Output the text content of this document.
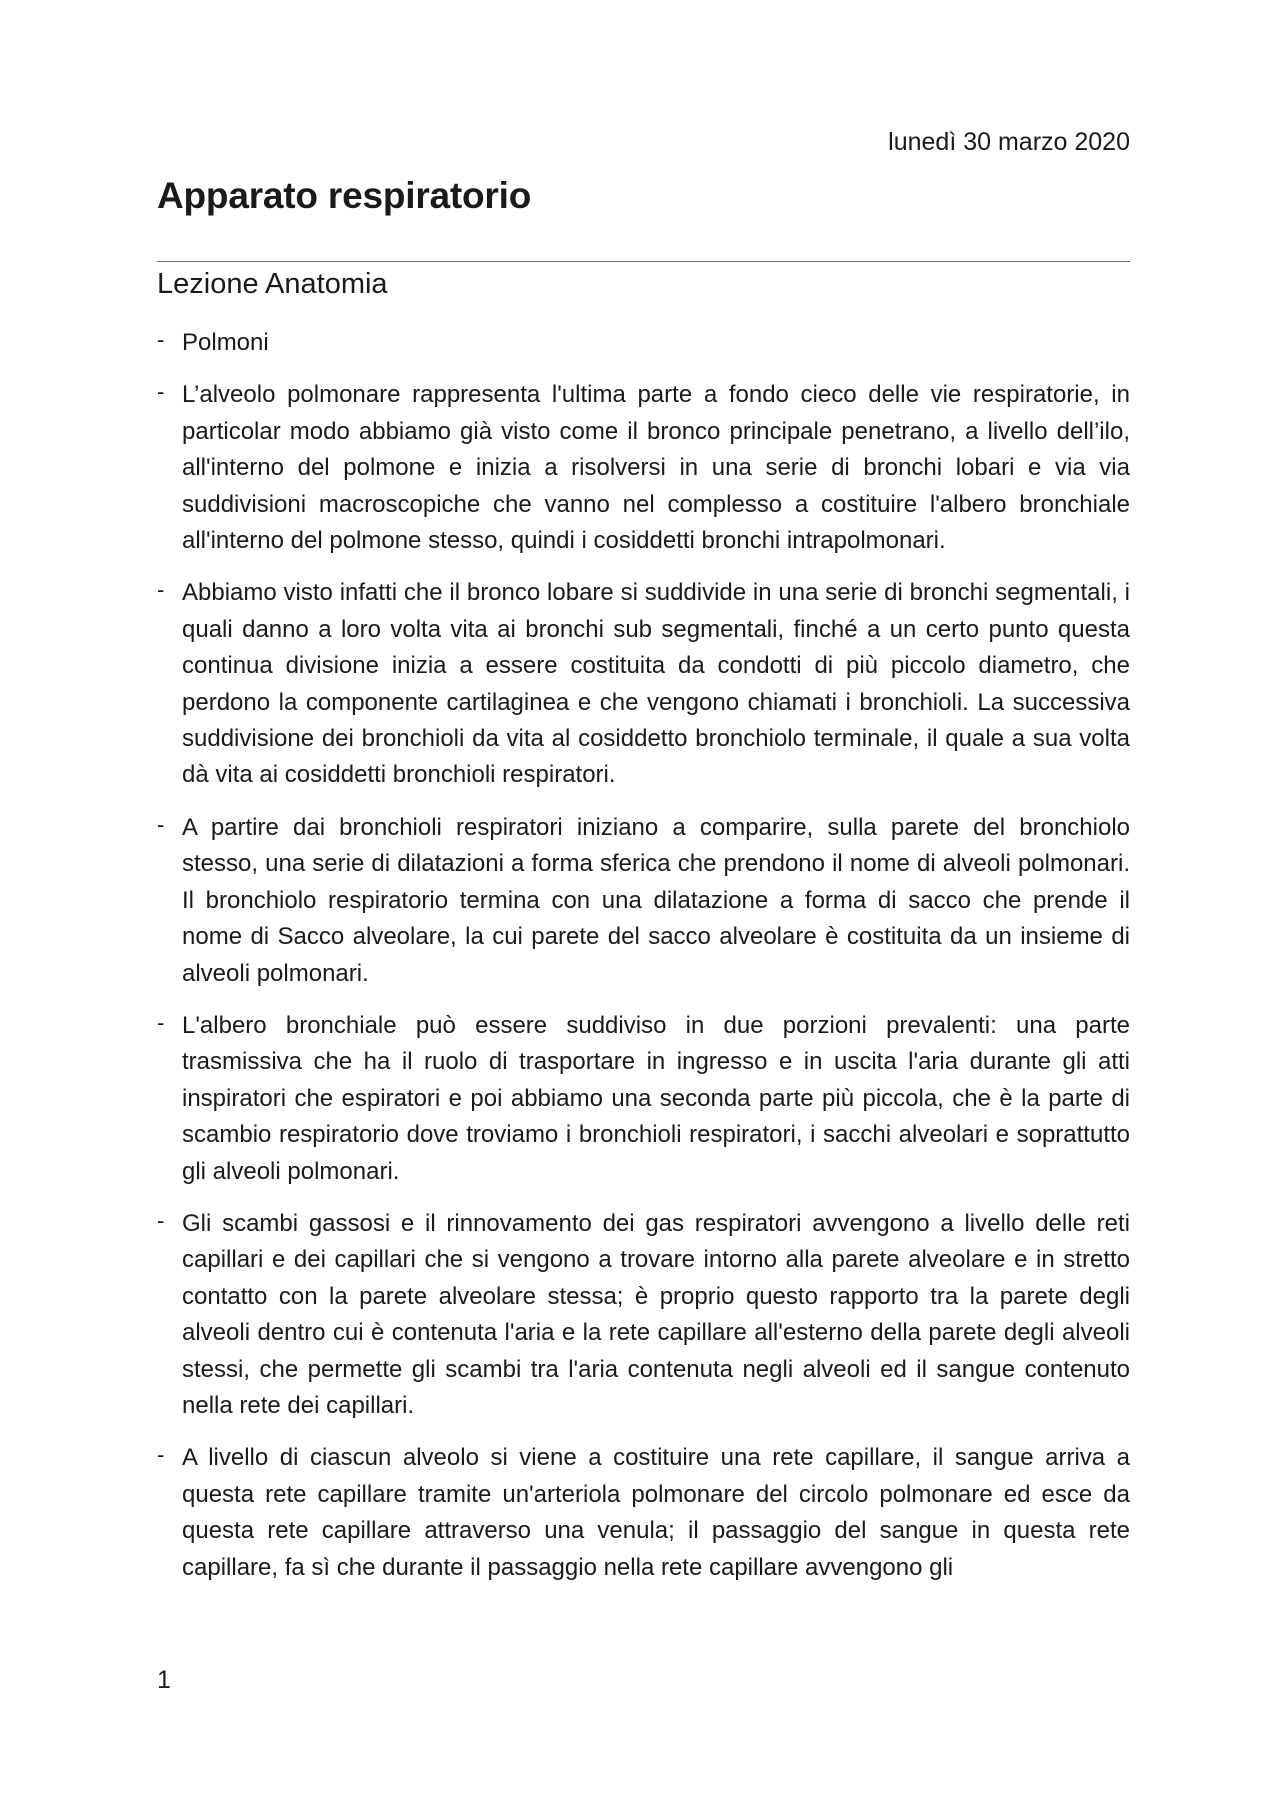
lunedì 30 marzo 2020
Apparato respiratorio
Lezione Anatomia
- Polmoni
- L’alveolo polmonare rappresenta l'ultima parte a fondo cieco delle vie respiratorie, in particolar modo abbiamo già visto come il bronco principale penetrano, a livello dell’ilo, all'interno del polmone e inizia a risolversi in una serie di bronchi lobari e via via suddivisioni macroscopiche che vanno nel complesso a costituire l'albero bronchiale all'interno del polmone stesso, quindi i cosiddetti bronchi intrapolmonari.
- Abbiamo visto infatti che il bronco lobare si suddivide in una serie di bronchi segmentali, i quali danno a loro volta vita ai bronchi sub segmentali, finché a un certo punto questa continua divisione inizia a essere costituita da condotti di più piccolo diametro, che perdono la componente cartilaginea e che vengono chiamati i bronchioli. La successiva suddivisione dei bronchioli da vita al cosiddetto bronchiolo terminale, il quale a sua volta dà vita ai cosiddetti bronchioli respiratori.
- A partire dai bronchioli respiratori iniziano a comparire, sulla parete del bronchiolo stesso, una serie di dilatazioni a forma sferica che prendono il nome di alveoli polmonari. Il bronchiolo respiratorio termina con una dilatazione a forma di sacco che prende il nome di Sacco alveolare, la cui parete del sacco alveolare è costituita da un insieme di alveoli polmonari.
- L'albero bronchiale può essere suddiviso in due porzioni prevalenti: una parte trasmissiva che ha il ruolo di trasportare in ingresso e in uscita l'aria durante gli atti inspiratori che espiratori e poi abbiamo una seconda parte più piccola, che è la parte di scambio respiratorio dove troviamo i bronchioli respiratori, i sacchi alveolari e soprattutto gli alveoli polmonari.
- Gli scambi gassosi e il rinnovamento dei gas respiratori avvengono a livello delle reti capillari e dei capillari che si vengono a trovare intorno alla parete alveolare e in stretto contatto con la parete alveolare stessa; è proprio questo rapporto tra la parete degli alveoli dentro cui è contenuta l'aria e la rete capillare all'esterno della parete degli alveoli stessi, che permette gli scambi tra l'aria contenuta negli alveoli ed il sangue contenuto nella rete dei capillari.
- A livello di ciascun alveolo si viene a costituire una rete capillare, il sangue arriva a questa rete capillare tramite un'arteriola polmonare del circolo polmonare ed esce da questa rete capillare attraverso una venula; il passaggio del sangue in questa rete capillare, fa sì che durante il passaggio nella rete capillare avvengono gli
1
